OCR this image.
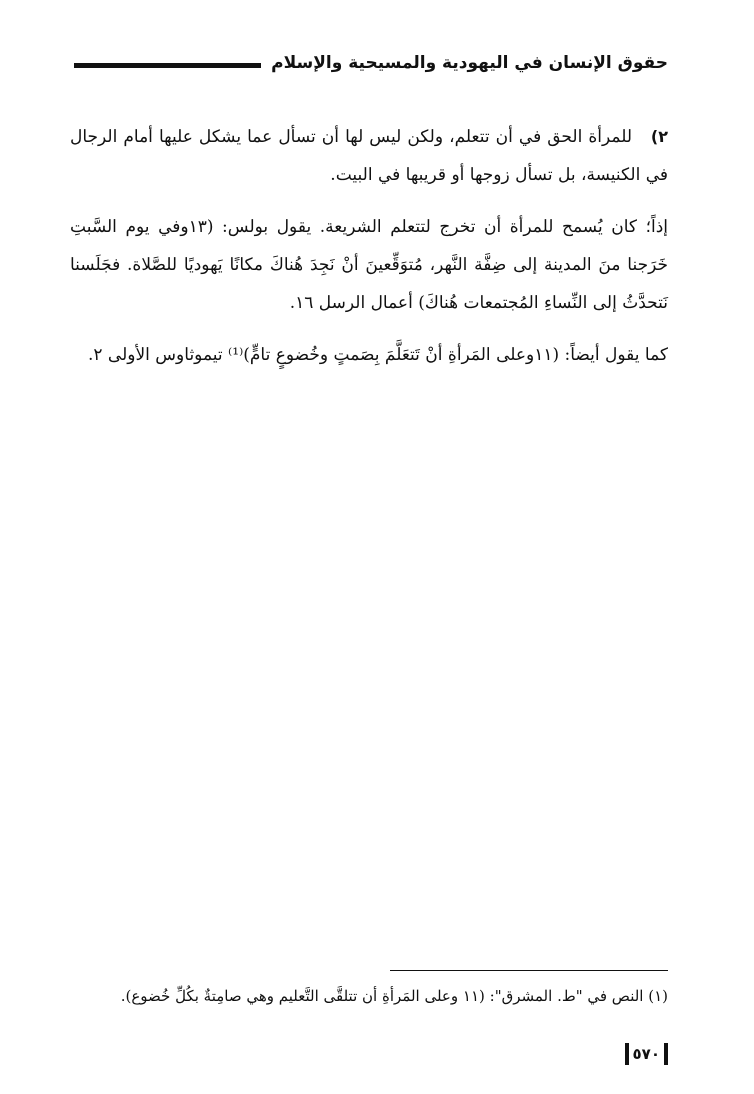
حقوق الإنسان في اليهودية والمسيحية والإسلام

٢)للمرأة الحق في أن تتعلم، ولكن ليس لها أن تسأل عما يشكل عليها أمام الرجال في الكنيسة، بل تسأل زوجها أو قريبها في البيت.

إذاً؛ كان يُسمح للمرأة أن تخرج لتتعلم الشريعة. يقول بولس: (١٣وفي يوم السَّبتِ خَرَجنا منَ المدينة إلى ضِفَّة النَّهر، مُتوَقِّعينَ أنْ نَجِدَ هُناكَ مكانًا يَهوديًا للصَّلاة. فجَلَسنا نَتحدَّثُ إلى النِّساءِ المُجتمعات هُناكَ) أعمال الرسل ١٦.

كما يقول أيضاً: (١١وعلى المَرأةِ أنْ تَتعَلَّمَ بِصَمتٍ وخُضوعٍ تامٍّ)⁽¹⁾ تيموثاوس الأولى ٢.

(١) النص في "ط. المشرق": (١١ وعلى المَرأةِ أن تتلقَّى التَّعليم وهي صامِتةٌ بكُلِّ خُضوع).
٥٧٠
